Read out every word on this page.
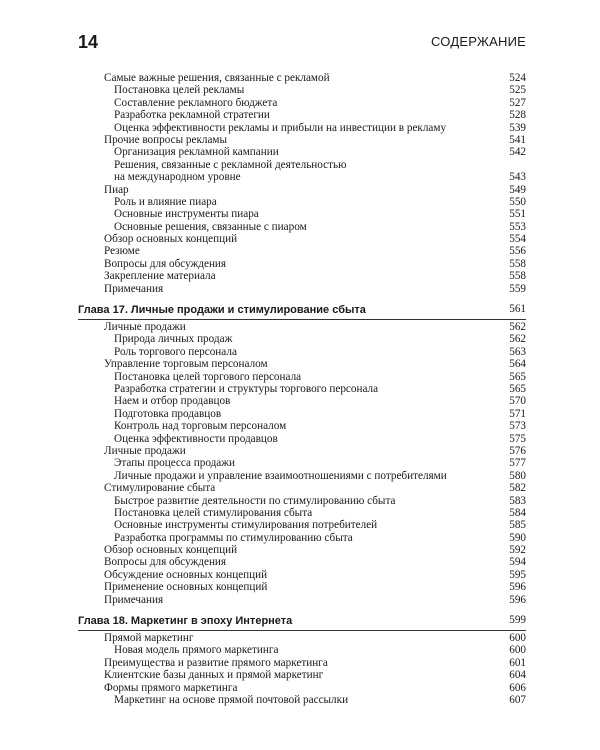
14	СОДЕРЖАНИЕ
Самые важные решения, связанные с рекламой	524
Постановка целей рекламы	525
Составление рекламного бюджета	527
Разработка рекламной стратегии	528
Оценка эффективности рекламы и прибыли на инвестиции в рекламу	539
Прочие вопросы рекламы	541
Организация рекламной кампании	542
Решения, связанные с рекламной деятельностью
на международном уровне	543
Пиар	549
Роль и влияние пиара	550
Основные инструменты пиара	551
Основные решения, связанные с пиаром	553
Обзор основных концепций	554
Резюме	556
Вопросы для обсуждения	558
Закрепление материала	558
Примечания	559
Глава 17. Личные продажи и стимулирование сбыта	561
Личные продажи	562
Природа личных продаж	562
Роль торгового персонала	563
Управление торговым персоналом	564
Постановка целей торгового персонала	565
Разработка стратегии и структуры торгового персонала	565
Наем и отбор продавцов	570
Подготовка продавцов	571
Контроль над торговым персоналом	573
Оценка эффективности продавцов	575
Личные продажи	576
Этапы процесса продажи	577
Личные продажи и управление взаимоотношениями с потребителями	580
Стимулирование сбыта	582
Быстрое развитие деятельности по стимулированию сбыта	583
Постановка целей стимулирования сбыта	584
Основные инструменты стимулирования потребителей	585
Разработка программы по стимулированию сбыта	590
Обзор основных концепций	592
Вопросы для обсуждения	594
Обсуждение основных концепций	595
Применение основных концепций	596
Примечания	596
Глава 18. Маркетинг в эпоху Интернета	599
Прямой маркетинг	600
Новая модель прямого маркетинга	600
Преимущества и развитие прямого маркетинга	601
Клиентские базы данных и прямой маркетинг	604
Формы прямого маркетинга	606
Маркетинг на основе прямой почтовой рассылки	607
